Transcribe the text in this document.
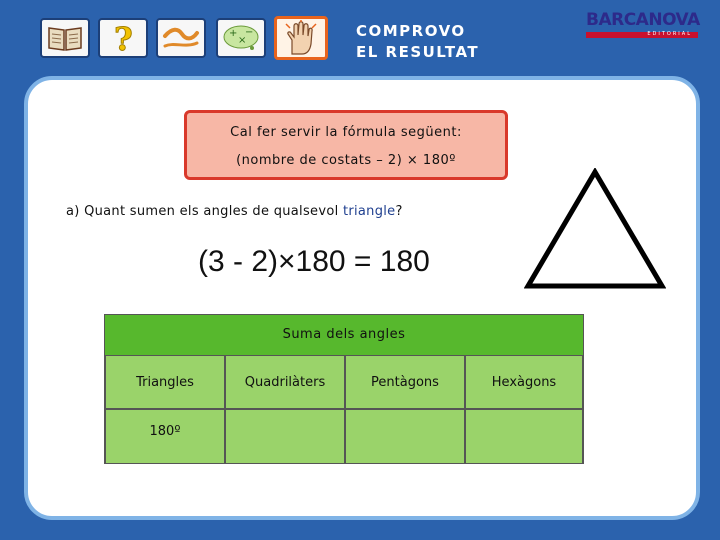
?	+
×
−	COMPROVO
EL RESULTAT
BARCANOVA
EDITORIAL
Cal fer servir la fórmula següent:
(nombre de costats – 2) × 180º
a) Quant sumen els angles de qualsevol triangle?
(3 - 2)×180 = 180
Suma dels angles
Triangles	Quadrilàters	Pentàgons	Hexàgons
180º
